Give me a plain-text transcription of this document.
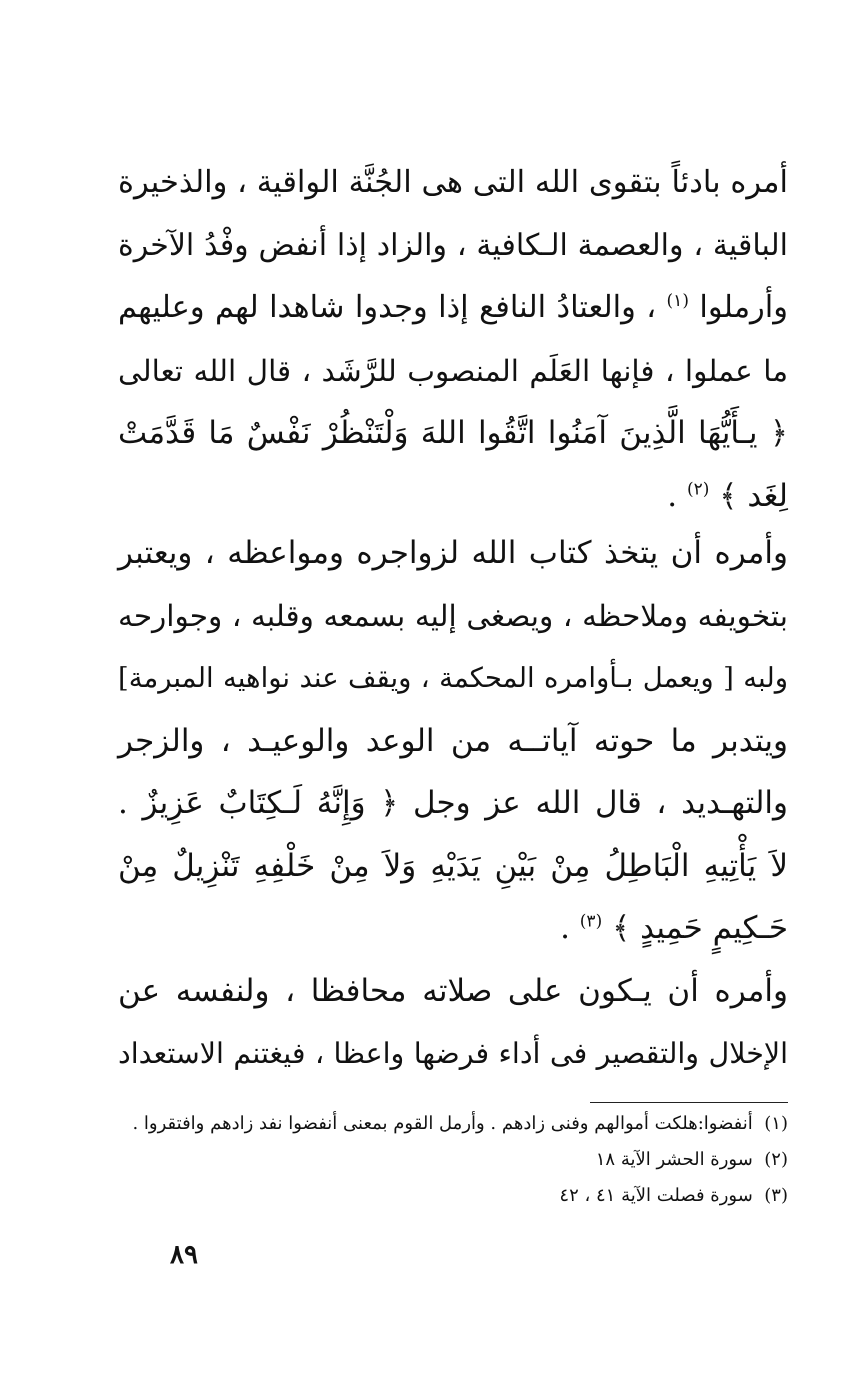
أمره بادئاً بتقوى الله التى هى الجُنَّة الواقية ، والذخيرة
الباقية ، والعصمة الـكافية ، والزاد إذا أنفض وفْدُ الآخرة
وأرملوا $^{(١)}$ ، والعتادُ النافع إذا وجدوا شاهدا لهم وعليهم
ما عملوا ، فإنها العَلَم المنصوب للرَّشَد ، قال الله تعالى
﴿ يـأَيُّهَا الَّذِينَ آمَنُوا اتَّقُوا اللهَ وَلْتَنْظُرْ نَفْسٌ مَا قَدَّمَتْ
لِغَد ﴾ $^{(٢)}$ .
وأمره أن يتخذ كتاب الله لزواجره ومواعظه ، ويعتبر
بتخويفه وملاحظه ، ويصغى إليه بسمعه وقلبه ، وجوارحه
ولبه [ ويعمل بـأوامره المحكمة ، ويقف عند نواهيه المبرمة]
ويتدبر ما حوته آياتــه من الوعد والوعيـد ، والزجر
والتهـديد ، قال الله عز وجل ﴿ وَإِنَّهُ لَـكِتَابٌ عَزِيزٌ .
لاَ يَأْتِيهِ الْبَاطِلُ مِنْ بَيْنِ يَدَيْهِ وَلاَ مِنْ خَلْفِهِ تَنْزِيلٌ مِنْ
حَـكِيمٍ حَمِيدٍ ﴾ $^{(٣)}$ .
وأمره أن يـكون على صلاته محافظا ، ولنفسه عن
الإخلال والتقصير فى أداء فرضها واعظا ، فيغتنم الاستعداد
(١)  أنفضوا:هلكت أموالهم وفنى زادهم . وأرمل القوم بمعنى أنفضوا نفد زادهم وافتقروا .
(٢)  سورة الحشر الآية ١٨
(٣)  سورة فصلت الآية ٤١ ، ٤٢
٨٩
